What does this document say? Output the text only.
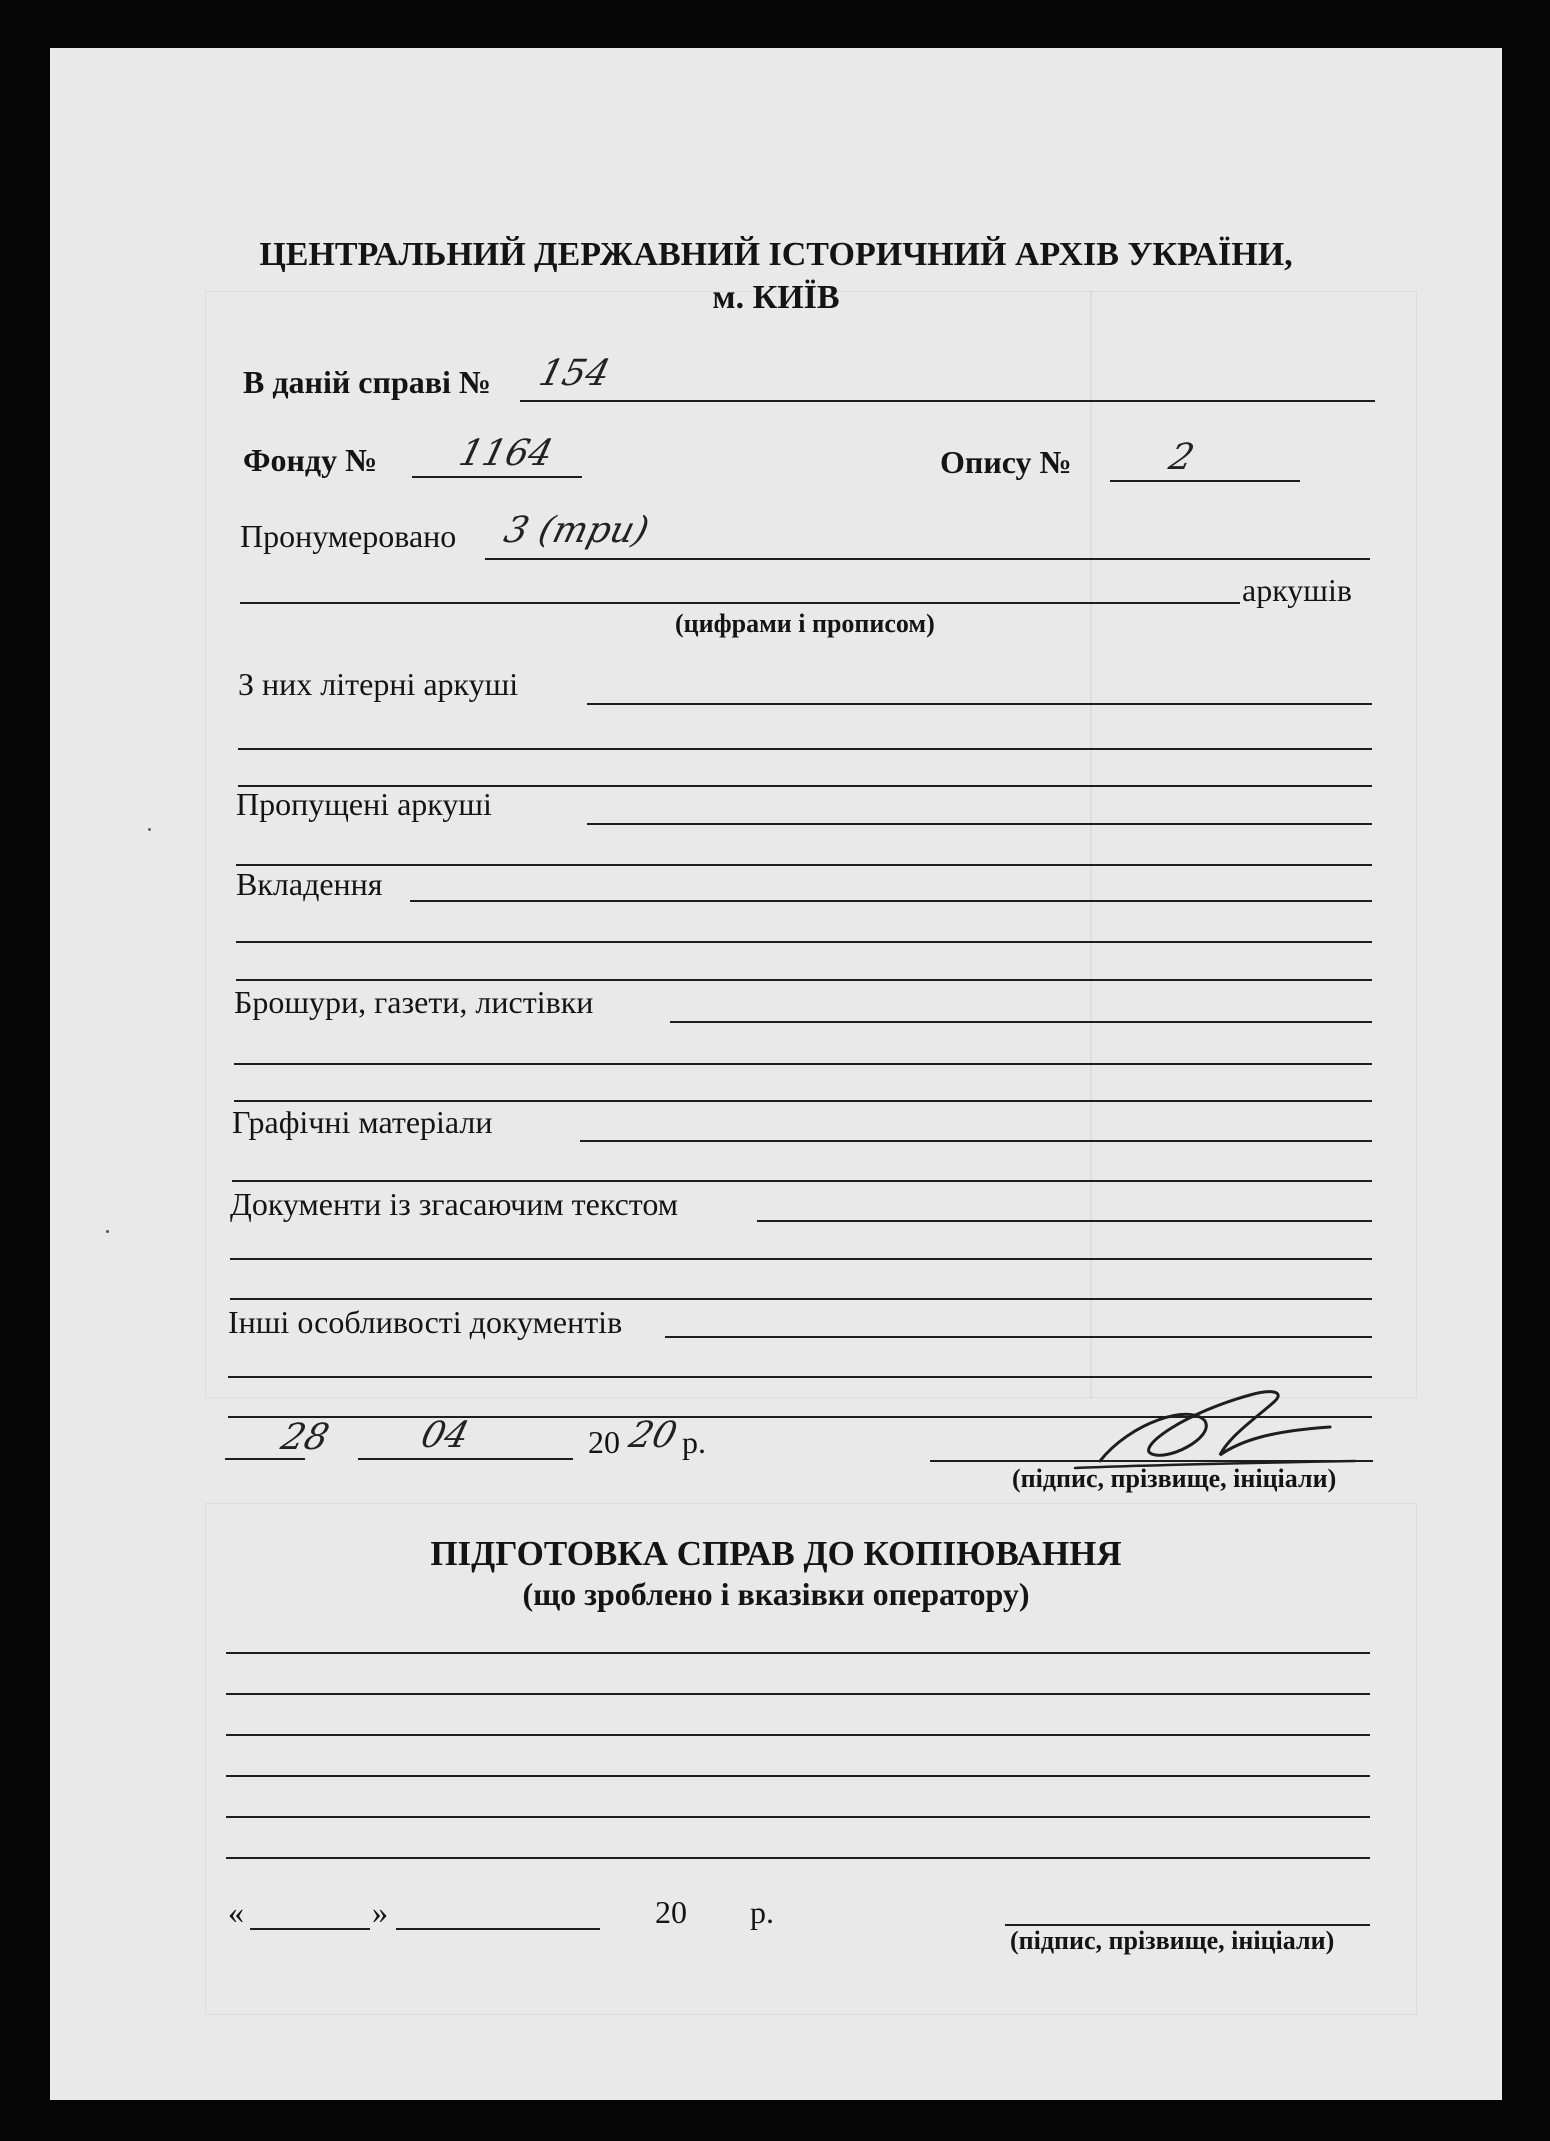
ЦЕНТРАЛЬНИЙ ДЕРЖАВНИЙ ІСТОРИЧНИЙ АРХІВ УКРАЇНИ,
м. КИЇВ
В даній справі № 154
Фонду № 1164	Опису №	2
Пронумеровано 3 (три)
аркушів
(цифрами і прописом)
З них літерні аркуші
Пропущені аркуші
Вкладення
Брошури, газети, листівки
Графічні матеріали
Документи із згасаючим текстом
Інші особливості документів
28 04	20 20 р.
(підпис, прізвище, ініціали)
ПІДГОТОВКА СПРАВ ДО КОПІЮВАННЯ
(що зроблено і вказівки оператору)
«	»	20 р.
(підпис, прізвище, ініціали)
